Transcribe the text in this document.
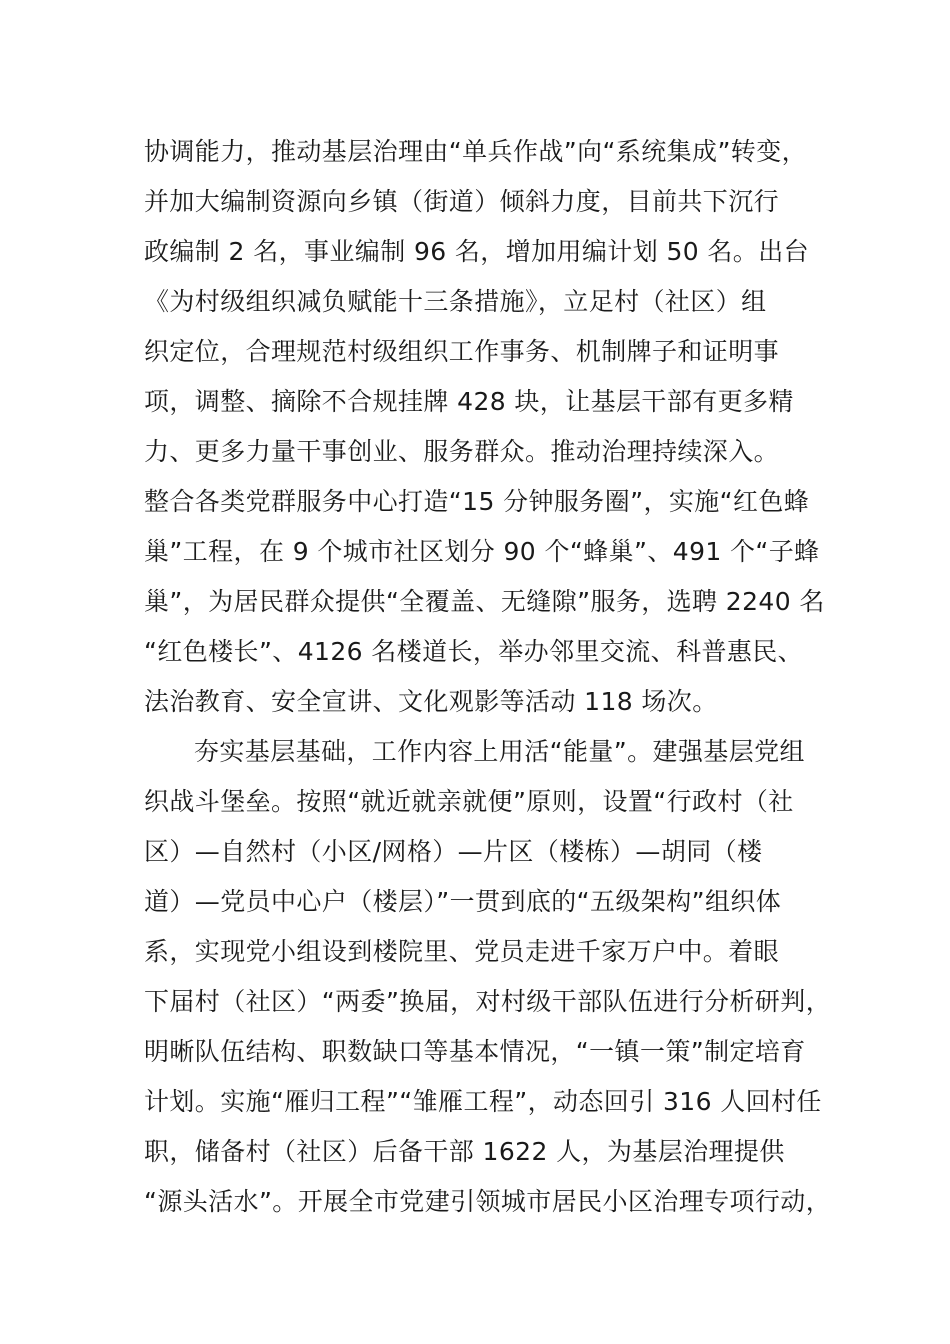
协调能力，推动基层治理由“单兵作战”向“系统集成”转变，
并加大编制资源向乡镇（街道）倾斜力度，目前共下沉行
政编制 2 名，事业编制 96 名，增加用编计划 50 名。出台
《为村级组织减负赋能十三条措施》，立足村（社区）组
织定位，合理规范村级组织工作事务、机制牌子和证明事
项，调整、摘除不合规挂牌 428 块，让基层干部有更多精
力、更多力量干事创业、服务群众。推动治理持续深入。
整合各类党群服务中心打造“15 分钟服务圈”，实施“红色蜂
巢”工程，在 9 个城市社区划分 90 个“蜂巢”、491 个“子蜂
巢”，为居民群众提供“全覆盖、无缝隙”服务，选聘 2240 名
“红色楼长”、4126 名楼道长，举办邻里交流、科普惠民、
法治教育、安全宣讲、文化观影等活动 118 场次。
夯实基层基础，工作内容上用活“能量”。建强基层党组
织战斗堡垒。按照“就近就亲就便”原则，设置“行政村（社
区）—自然村（小区/网格）—片区（楼栋）—胡同（楼
道）—党员中心户（楼层）”一贯到底的“五级架构”组织体
系，实现党小组设到楼院里、党员走进千家万户中。着眼
下届村（社区）“两委”换届，对村级干部队伍进行分析研判，
明晰队伍结构、职数缺口等基本情况，“一镇一策”制定培育
计划。实施“雁归工程”“雏雁工程”，动态回引 316 人回村任
职，储备村（社区）后备干部 1622 人，为基层治理提供
“源头活水”。开展全市党建引领城市居民小区治理专项行动，
